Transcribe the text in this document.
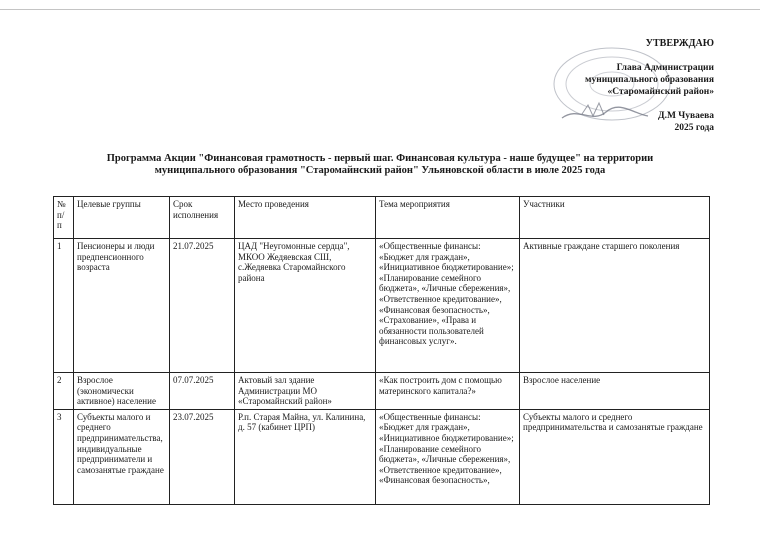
УТВЕРЖДАЮ
Глава Администрации
муниципального образования
«Старомайнский район»
Д.М Чуваева
2025 года
Программа Акции "Финансовая грамотность - первый шаг. Финансовая культура - наше будущее" на территории
муниципального образования "Старомайнский район" Ульяновской области в июле 2025 года
№ п/ п	Целевые группы	Срок исполнения	Место проведения	Тема мероприятия	Участники
1	Пенсионеры и люди предпенсионного возраста	21.07.2025	ЦАД "Неугомонные сердца", МКОО Жедяевская СШ, с.Жедяевка Старомайнского района	«Общественные финансы: «Бюджет для граждан», «Инициативное бюджетирование»; «Планирование семейного бюджета», «Личные сбережения», «Ответственное кредитование», «Финансовая безопасность», «Страхование», «Права и обязанности пользователей финансовых услуг».	Активные граждане старшего поколения
2	Взрослое (экономически активное) население	07.07.2025	Актовый зал здание Администрации МО «Старомайнский район»	«Как построить дом с помощью материнского капитала?»	Взрослое население
3	Субъекты малого и среднего предпринимательства, индивидуальные предприниматели и самозанятые граждане	23.07.2025	Р.п. Старая Майна, ул. Калинина, д. 57 (кабинет ЦРП)	«Общественные финансы: «Бюджет для граждан», «Инициативное бюджетирование»; «Планирование семейного бюджета», «Личные сбережения», «Ответственное кредитование», «Финансовая безопасность»,	Субъекты малого и среднего предпринимательства и самозанятые граждане
